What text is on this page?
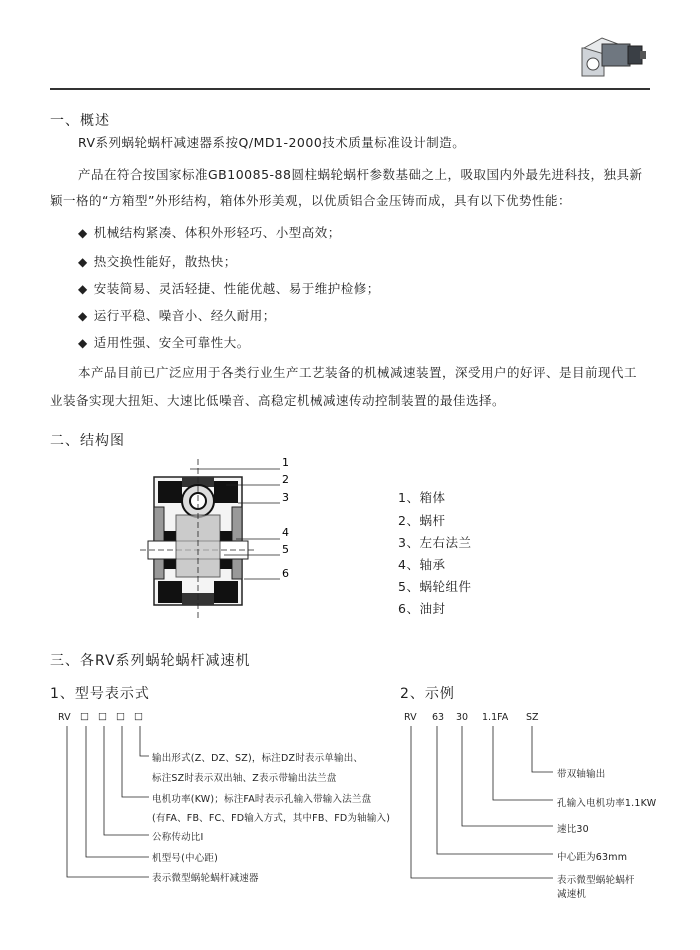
一、概述
RV系列蜗轮蜗杆减速器系按Q/MD1-2000技术质量标准设计制造。
产品在符合按国家标准GB10085-88圆柱蜗轮蜗杆参数基础之上，吸取国内外最先进科技，独具新
颖一格的“方箱型”外形结构，箱体外形美观，以优质铝合金压铸而成，具有以下优势性能：
◆ 机械结构紧凑、体积外形轻巧、小型高效；
◆ 热交换性能好，散热快；
◆ 安装简易、灵活轻捷、性能优越、易于维护检修；
◆ 运行平稳、噪音小、经久耐用；
◆ 适用性强、安全可靠性大。
本产品目前已广泛应用于各类行业生产工艺装备的机械减速装置，深受用户的好评、是目前现代工
业装备实现大扭矩、大速比低噪音、高稳定机械减速传动控制装置的最佳选择。
二、结构图
1
2
3
4
5
6
1、箱体
2、蜗杆
3、左右法兰
4、轴承
5、蜗轮组件
6、油封
三、各RV系列蜗轮蜗杆减速机
1、型号表示式	2、示例
RV □ □ □ □
输出形式(Z、DZ、SZ)，标注DZ时表示单输出、
标注SZ时表示双出轴、Z表示带输出法兰盘
电机功率(KW)；标注FA时表示孔输入带输入法兰盘
(有FA、FB、FC、FD输入方式，其中FB、FD为轴输入)
公称传动比I
机型号(中心距)
表示微型蜗轮蜗杆减速器
RV 63 30 1.1FA SZ
带双轴输出
孔输入电机功率1.1KW
速比30
中心距为63mm
表示微型蜗轮蜗杆
减速机
